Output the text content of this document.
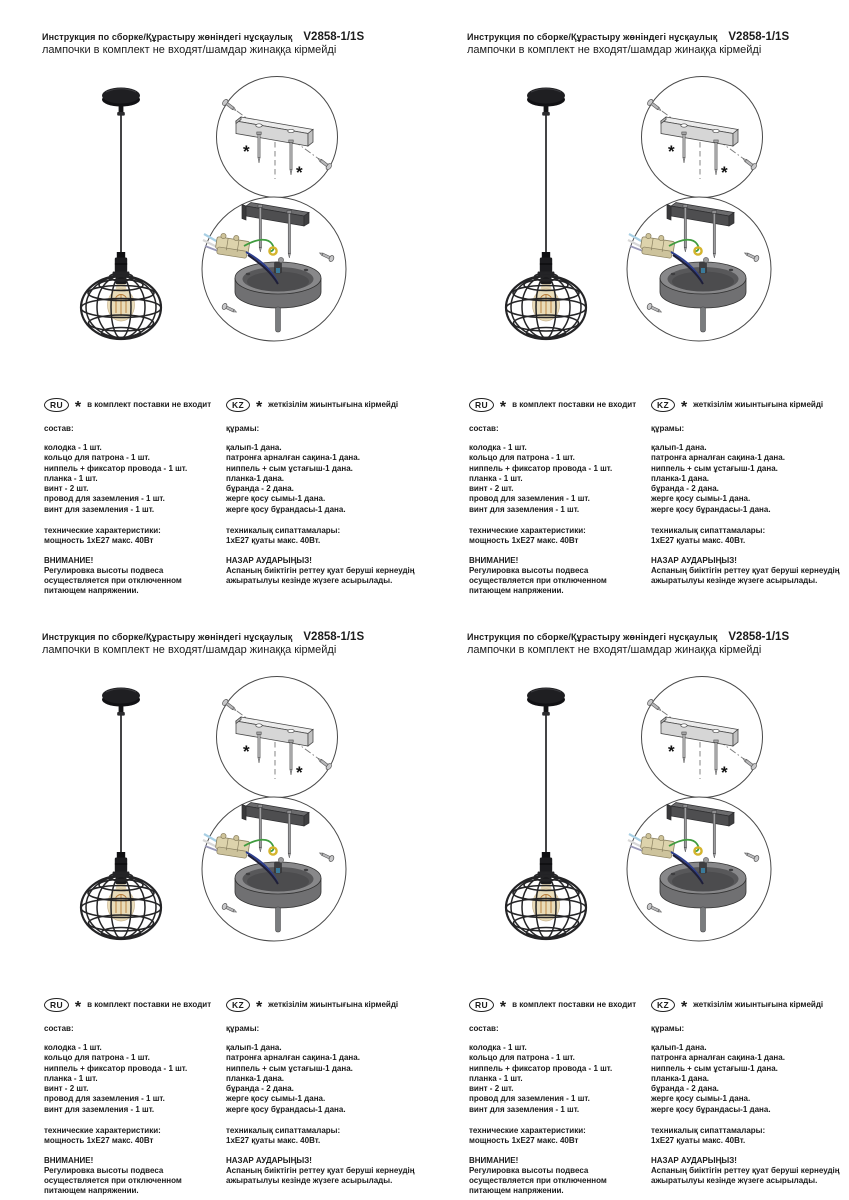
Инструкция по сборке/Құрастыру жөніндегі нұсқаулық V2858-1/1S
лампочки в комплект не входят/шамдар жинаққа кірмейді
*
*
RU * в комплект поставки не входит
состав:
колодка - 1 шт.
кольцо для патрона - 1 шт.
ниппель + фиксатор провода - 1 шт.
планка - 1 шт.
винт - 2 шт.
провод для заземления - 1 шт.
винт для заземления - 1 шт.
технические характеристики:
мощность 1хЕ27 макс. 40Вт
ВНИМАНИЕ!
Регулировка высоты подвеса осуществляется при отключенном питающем напряжении.
KZ * жеткізілім жиынтығына кірмейді
құрамы:
қалып-1 дана.
патронға арналған сақина-1 дана.
ниппель + сым ұстағыш-1 дана.
планка-1 дана.
бұранда - 2 дана.
жерге қосу сымы-1 дана.
жерге қосу бұрандасы-1 дана.
техникалық сипаттамалары:
1хЕ27 қуаты макс. 40Вт.
НАЗАР АУДАРЫҢЫЗ!
Аспаның биіктігін реттеу қуат беруші кернеудің ажыратылуы кезінде жүзеге асырылады.
Инструкция по сборке/Құрастыру жөніндегі нұсқаулық V2858-1/1S
лампочки в комплект не входят/шамдар жинаққа кірмейді
*
*
RU * в комплект поставки не входит
состав:
колодка - 1 шт.
кольцо для патрона - 1 шт.
ниппель + фиксатор провода - 1 шт.
планка - 1 шт.
винт - 2 шт.
провод для заземления - 1 шт.
винт для заземления - 1 шт.
технические характеристики:
мощность 1хЕ27 макс. 40Вт
ВНИМАНИЕ!
Регулировка высоты подвеса осуществляется при отключенном питающем напряжении.
KZ * жеткізілім жиынтығына кірмейді
құрамы:
қалып-1 дана.
патронға арналған сақина-1 дана.
ниппель + сым ұстағыш-1 дана.
планка-1 дана.
бұранда - 2 дана.
жерге қосу сымы-1 дана.
жерге қосу бұрандасы-1 дана.
техникалық сипаттамалары:
1хЕ27 қуаты макс. 40Вт.
НАЗАР АУДАРЫҢЫЗ!
Аспаның биіктігін реттеу қуат беруші кернеудің ажыратылуы кезінде жүзеге асырылады.
Инструкция по сборке/Құрастыру жөніндегі нұсқаулық V2858-1/1S
лампочки в комплект не входят/шамдар жинаққа кірмейді
*
*
RU * в комплект поставки не входит
состав:
колодка - 1 шт.
кольцо для патрона - 1 шт.
ниппель + фиксатор провода - 1 шт.
планка - 1 шт.
винт - 2 шт.
провод для заземления - 1 шт.
винт для заземления - 1 шт.
технические характеристики:
мощность 1хЕ27 макс. 40Вт
ВНИМАНИЕ!
Регулировка высоты подвеса осуществляется при отключенном питающем напряжении.
KZ * жеткізілім жиынтығына кірмейді
құрамы:
қалып-1 дана.
патронға арналған сақина-1 дана.
ниппель + сым ұстағыш-1 дана.
планка-1 дана.
бұранда - 2 дана.
жерге қосу сымы-1 дана.
жерге қосу бұрандасы-1 дана.
техникалық сипаттамалары:
1хЕ27 қуаты макс. 40Вт.
НАЗАР АУДАРЫҢЫЗ!
Аспаның биіктігін реттеу қуат беруші кернеудің ажыратылуы кезінде жүзеге асырылады.
Инструкция по сборке/Құрастыру жөніндегі нұсқаулық V2858-1/1S
лампочки в комплект не входят/шамдар жинаққа кірмейді
*
*
RU * в комплект поставки не входит
состав:
колодка - 1 шт.
кольцо для патрона - 1 шт.
ниппель + фиксатор провода - 1 шт.
планка - 1 шт.
винт - 2 шт.
провод для заземления - 1 шт.
винт для заземления - 1 шт.
технические характеристики:
мощность 1хЕ27 макс. 40Вт
ВНИМАНИЕ!
Регулировка высоты подвеса осуществляется при отключенном питающем напряжении.
KZ * жеткізілім жиынтығына кірмейді
құрамы:
қалып-1 дана.
патронға арналған сақина-1 дана.
ниппель + сым ұстағыш-1 дана.
планка-1 дана.
бұранда - 2 дана.
жерге қосу сымы-1 дана.
жерге қосу бұрандасы-1 дана.
техникалық сипаттамалары:
1хЕ27 қуаты макс. 40Вт.
НАЗАР АУДАРЫҢЫЗ!
Аспаның биіктігін реттеу қуат беруші кернеудің ажыратылуы кезінде жүзеге асырылады.
